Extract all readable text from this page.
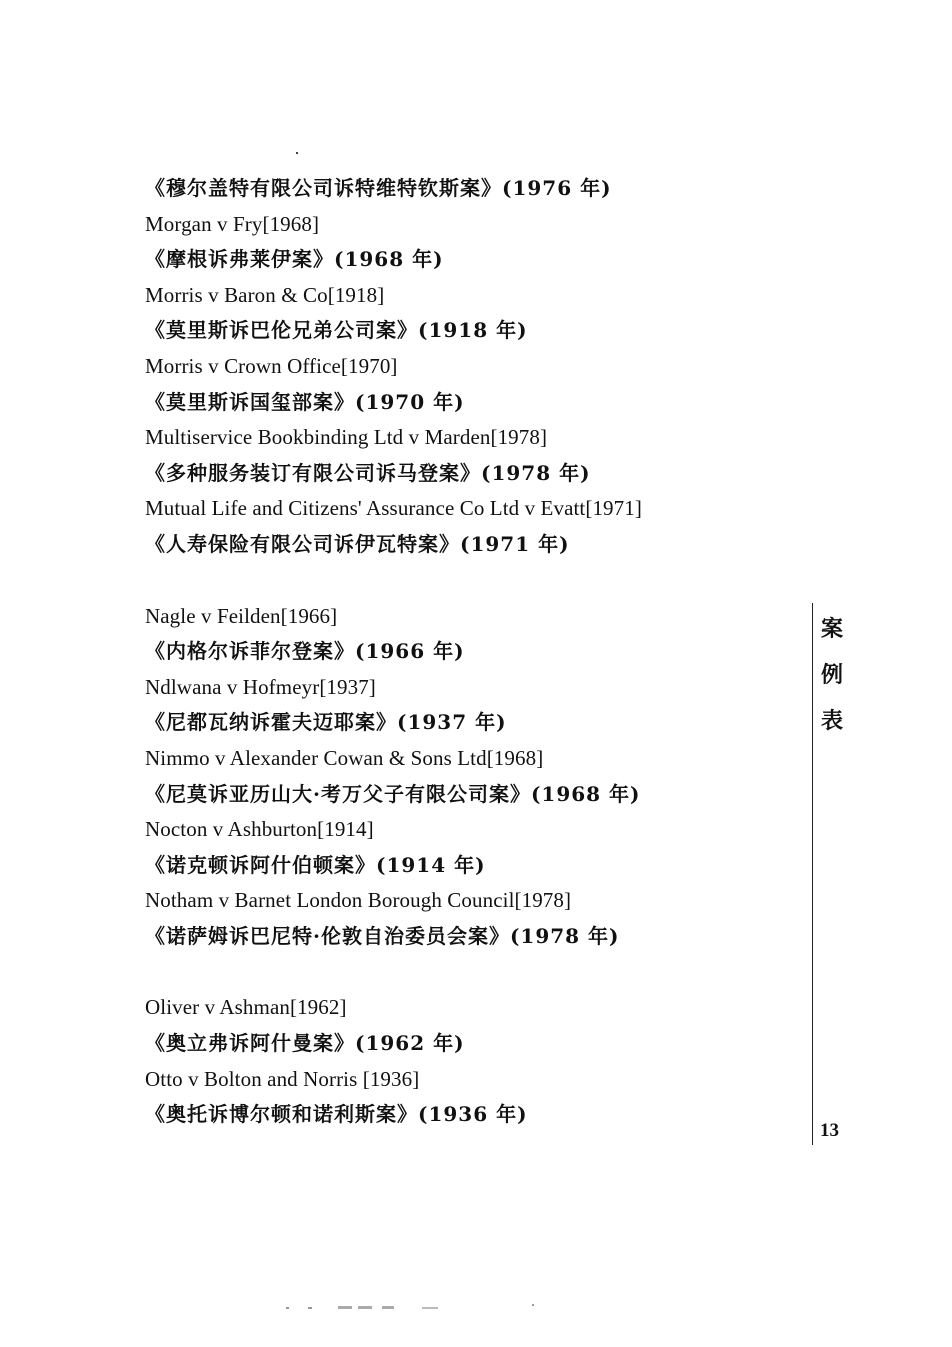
《穆尔盖特有限公司诉特维特钦斯案》(1976 年)
Morgan v Fry[1968]
《摩根诉弗莱伊案》(1968 年)
Morris v Baron & Co[1918]
《莫里斯诉巴伦兄弟公司案》(1918 年)
Morris v Crown Office[1970]
《莫里斯诉国玺部案》(1970 年)
Multiservice Bookbinding Ltd v Marden[1978]
《多种服务装订有限公司诉马登案》(1978 年)
Mutual Life and Citizens' Assurance Co Ltd v Evatt[1971]
《人寿保险有限公司诉伊瓦特案》(1971 年)
Nagle v Feilden[1966]
《内格尔诉菲尔登案》(1966 年)
Ndlwana v Hofmeyr[1937]
《尼都瓦纳诉霍夫迈耶案》(1937 年)
Nimmo v Alexander Cowan & Sons Ltd[1968]
《尼莫诉亚历山大·考万父子有限公司案》(1968 年)
Nocton v Ashburton[1914]
《诺克顿诉阿什伯顿案》(1914 年)
Notham v Barnet London Borough Council[1978]
《诺萨姆诉巴尼特·伦敦自治委员会案》(1978 年)
Oliver v Ashman[1962]
《奥立弗诉阿什曼案》(1962 年)
Otto v Bolton and Norris [1936]
《奥托诉博尔顿和诺利斯案》(1936 年)
案例表
13
